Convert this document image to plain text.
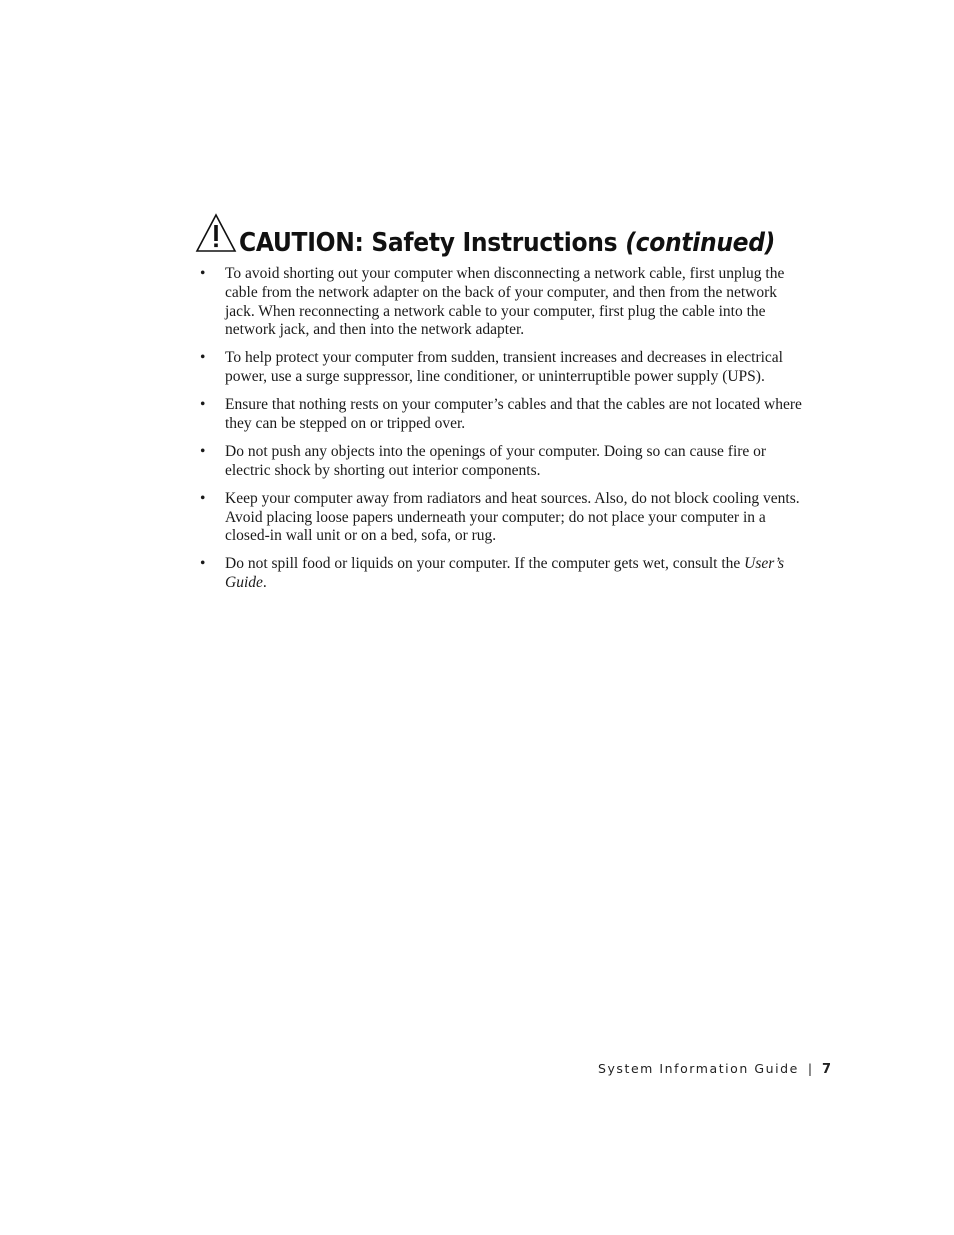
CAUTION: Safety Instructions (continued)
• To avoid shorting out your computer when disconnecting a network cable, first unplug the cable from the network adapter on the back of your computer, and then from the network jack. When reconnecting a network cable to your computer, first plug the cable into the network jack, and then into the network adapter.
• To help protect your computer from sudden, transient increases and decreases in electrical power, use a surge suppressor, line conditioner, or uninterruptible power supply (UPS).
• Ensure that nothing rests on your computer’s cables and that the cables are not located where they can be stepped on or tripped over.
• Do not push any objects into the openings of your computer. Doing so can cause fire or electric shock by shorting out interior components.
• Keep your computer away from radiators and heat sources. Also, do not block cooling vents. Avoid placing loose papers underneath your computer; do not place your computer in a closed-in wall unit or on a bed, sofa, or rug.
• Do not spill food or liquids on your computer. If the computer gets wet, consult the User’s Guide.
System Information Guide | 7
